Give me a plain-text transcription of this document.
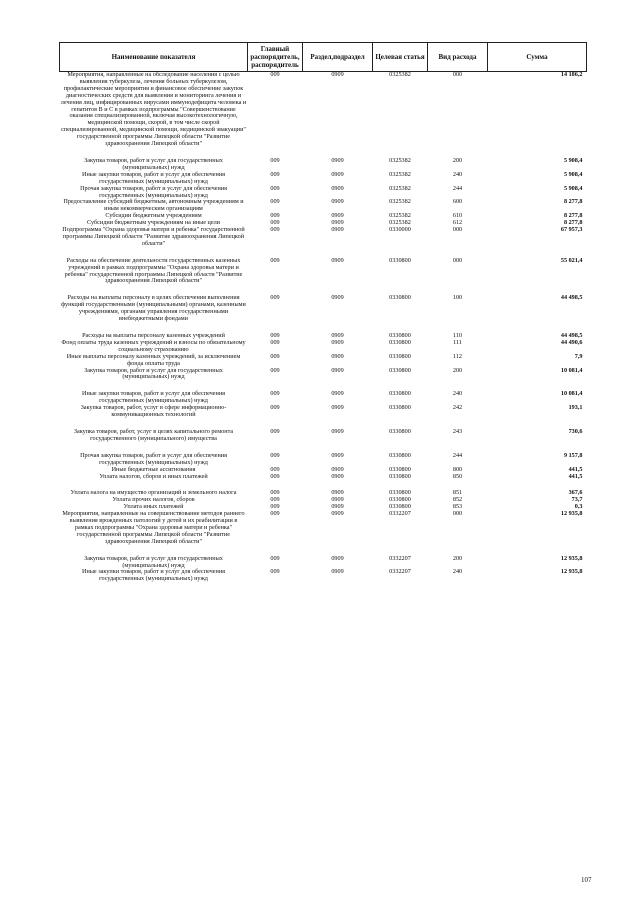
Наименование показателя	Главный распорядитель, распорядитель	Раздел,подраздел	Целевая статья	Вид расхода	Сумма
Мероприятия, направленные на обследование населения с целью выявления туберкулеза, лечения больных туберкулезом, профилактические мероприятия и финансовое обеспечение закупок диагностических средств для выявления и мониторинга лечения и лечения лиц, инфицированных вирусами иммунодефицита человека и гепатитов В и С в рамках подпрограммы "Совершенствование оказания специализированной, включая высокотехнологичную, медицинской помощи, скорой, в том числе скорой специализированной, медицинской помощи, медицинской эвакуации" государственной программы Липецкой области "Развитие здравоохранения Липецкой области"	009	0909	0325382	000	14 186,2

Закупка товаров, работ и услуг для государственных (муниципальных) нужд	009	0909	0325382	200	5 908,4
Иные закупки товаров, работ и услуг для обеспечения государственных (муниципальных) нужд	009	0909	0325382	240	5 908,4
Прочая закупка товаров, работ и услуг для обеспечения государственных (муниципальных) нужд	009	0909	0325382	244	5 908,4
Предоставление субсидий бюджетным, автономным учреждениям и иным некоммерческим организациям	009	0909	0325382	600	8 277,8
Субсидии бюджетным учреждениям	009	0909	0325382	610	8 277,8
Субсидии бюджетным учреждениям на иные цели	009	0909	0325382	612	8 277,8
Подпрограмма "Охрана здоровья матери и ребенка" государственной программы Липецкой области "Развитие здравоохранения Липецкой области"	009	0909	0330000	000	67 957,3

Расходы на обеспечение деятельности государственных казенных учреждений в рамках подпрограммы "Охрана здоровья матери и ребенка" государственной программы Липецкой области "Развитие здравоохранения Липецкой области"	009	0909	0330800	000	55 021,4

Расходы на выплаты персоналу в целях обеспечения выполнения функций государственными (муниципальными) органами, казенными учреждениями, органами управления государственными внебюджетными фондами	009	0909	0330800	100	44 498,5

Расходы на выплаты персоналу казенных учреждений	009	0909	0330800	110	44 498,5
Фонд оплаты труда казенных учреждений и взносы по обязательному социальному страхованию	009	0909	0330800	111	44 490,6
Иные выплаты персоналу казенных учреждений, за исключением фонда оплаты труда	009	0909	0330800	112	7,9
Закупка товаров, работ и услуг для государственных (муниципальных) нужд	009	0909	0330800	200	10 081,4

Иные закупки товаров, работ и услуг для обеспечения государственных (муниципальных) нужд	009	0909	0330800	240	10 081,4
Закупка товаров, работ, услуг в сфере информационно-коммуникационных технологий	009	0909	0330800	242	193,1

Закупка товаров, работ, услуг в целях капитального ремонта государственного (муниципального) имущества	009	0909	0330800	243	730,6

Прочая закупка товаров, работ и услуг для обеспечения государственных (муниципальных) нужд	009	0909	0330800	244	9 157,8
Иные бюджетные ассигнования	009	0909	0330800	800	441,5
Уплата налогов, сборов и иных платежей	009	0909	0330800	850	441,5

Уплата налога на имущество организаций и земельного налога	009	0909	0330800	851	367,6
Уплата прочих налогов, сборов	009	0909	0330800	852	73,7
Уплата иных платежей	009	0909	0330800	853	0,3
Мероприятия, направленные на совершенствование методов раннего выявления врожденных патологий у детей и их реабилитации в рамках подпрограммы "Охрана здоровья матери и ребенка" государственной программы Липецкой области "Развитие здравоохранения Липецкой области"	009	0909	0332207	000	12 935,8

Закупка товаров, работ и услуг для государственных (муниципальных) нужд	009	0909	0332207	200	12 935,8
Иные закупки товаров, работ и услуг для обеспечения государственных (муниципальных) нужд	009	0909	0332207	240	12 935,8
107
